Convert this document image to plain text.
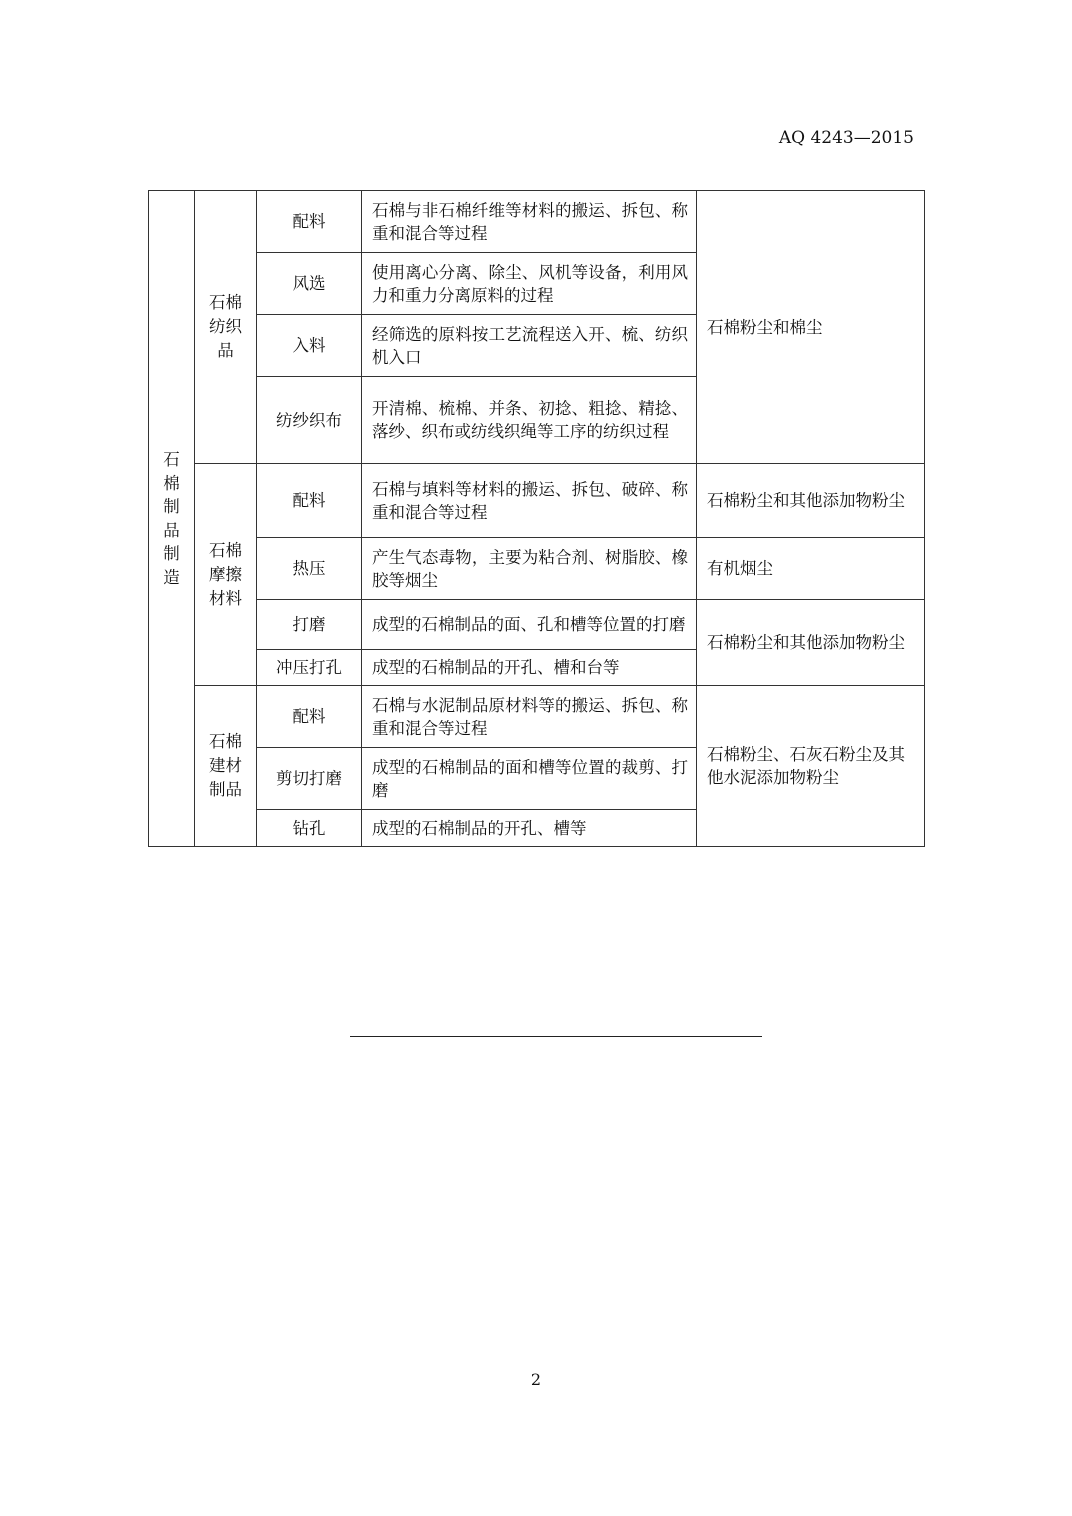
AQ 4243—2015
石棉制品制造	石棉纺织品	配料	石棉与非石棉纤维等材料的搬运、拆包、称重和混合等过程	石棉粉尘和棉尘
		风选	使用离心分离、除尘、风机等设备，利用风力和重力分离原料的过程	
		入料	经筛选的原料按工艺流程送入开、梳、纺织机入口	
		纺纱织布	开清棉、梳棉、并条、初捻、粗捻、精捻、落纱、织布或纺线织绳等工序的纺织过程	
	石棉摩擦材料	配料	石棉与填料等材料的搬运、拆包、破碎、称重和混合等过程	石棉粉尘和其他添加物粉尘
		热压	产生气态毒物，主要为粘合剂、树脂胶、橡胶等烟尘	有机烟尘
		打磨	成型的石棉制品的面、孔和槽等位置的打磨	石棉粉尘和其他添加物粉尘
		冲压打孔	成型的石棉制品的开孔、槽和台等	
	石棉建材制品	配料	石棉与水泥制品原材料等的搬运、拆包、称重和混合等过程	石棉粉尘、石灰石粉尘及其他水泥添加物粉尘
		剪切打磨	成型的石棉制品的面和槽等位置的裁剪、打磨	
		钻孔	成型的石棉制品的开孔、槽等	
2
